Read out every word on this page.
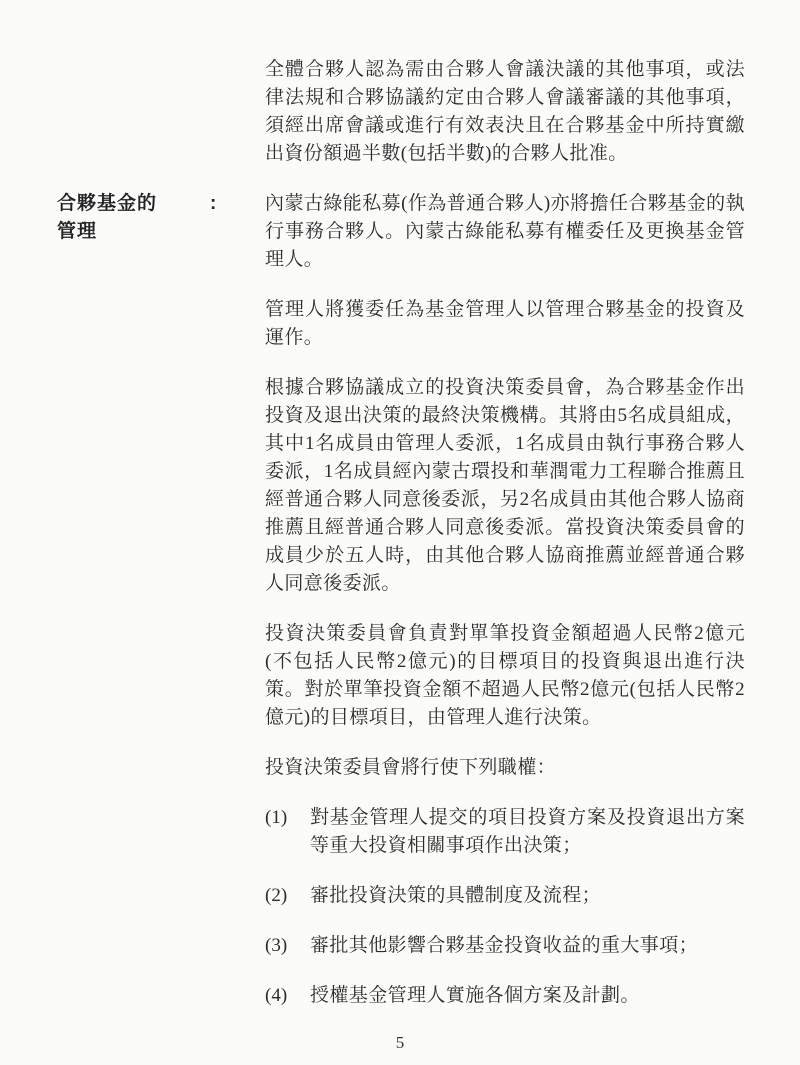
全體合夥人認為需由合夥人會議決議的其他事項，或法律法規和合夥協議約定由合夥人會議審議的其他事項，須經出席會議或進行有效表決且在合夥基金中所持實繳出資份額過半數(包括半數)的合夥人批准。

合夥基金的管理
:	內蒙古綠能私募(作為普通合夥人)亦將擔任合夥基金的執行事務合夥人。內蒙古綠能私募有權委任及更換基金管理人。

管理人將獲委任為基金管理人以管理合夥基金的投資及運作。

根據合夥協議成立的投資決策委員會，為合夥基金作出投資及退出決策的最終決策機構。其將由5名成員組成，其中1名成員由管理人委派，1名成員由執行事務合夥人委派，1名成員經內蒙古環投和華潤電力工程聯合推薦且經普通合夥人同意後委派，另2名成員由其他合夥人協商推薦且經普通合夥人同意後委派。當投資決策委員會的成員少於五人時，由其他合夥人協商推薦並經普通合夥人同意後委派。

投資決策委員會負責對單筆投資金額超過人民幣2億元(不包括人民幣2億元)的目標項目的投資與退出進行決策。對於單筆投資金額不超過人民幣2億元(包括人民幣2億元)的目標項目，由管理人進行決策。

投資決策委員會將行使下列職權：

(1)	對基金管理人提交的項目投資方案及投資退出方案等重大投資相關事項作出決策；
(2)	審批投資決策的具體制度及流程；
(3)	審批其他影響合夥基金投資收益的重大事項；
(4)	授權基金管理人實施各個方案及計劃。
5
